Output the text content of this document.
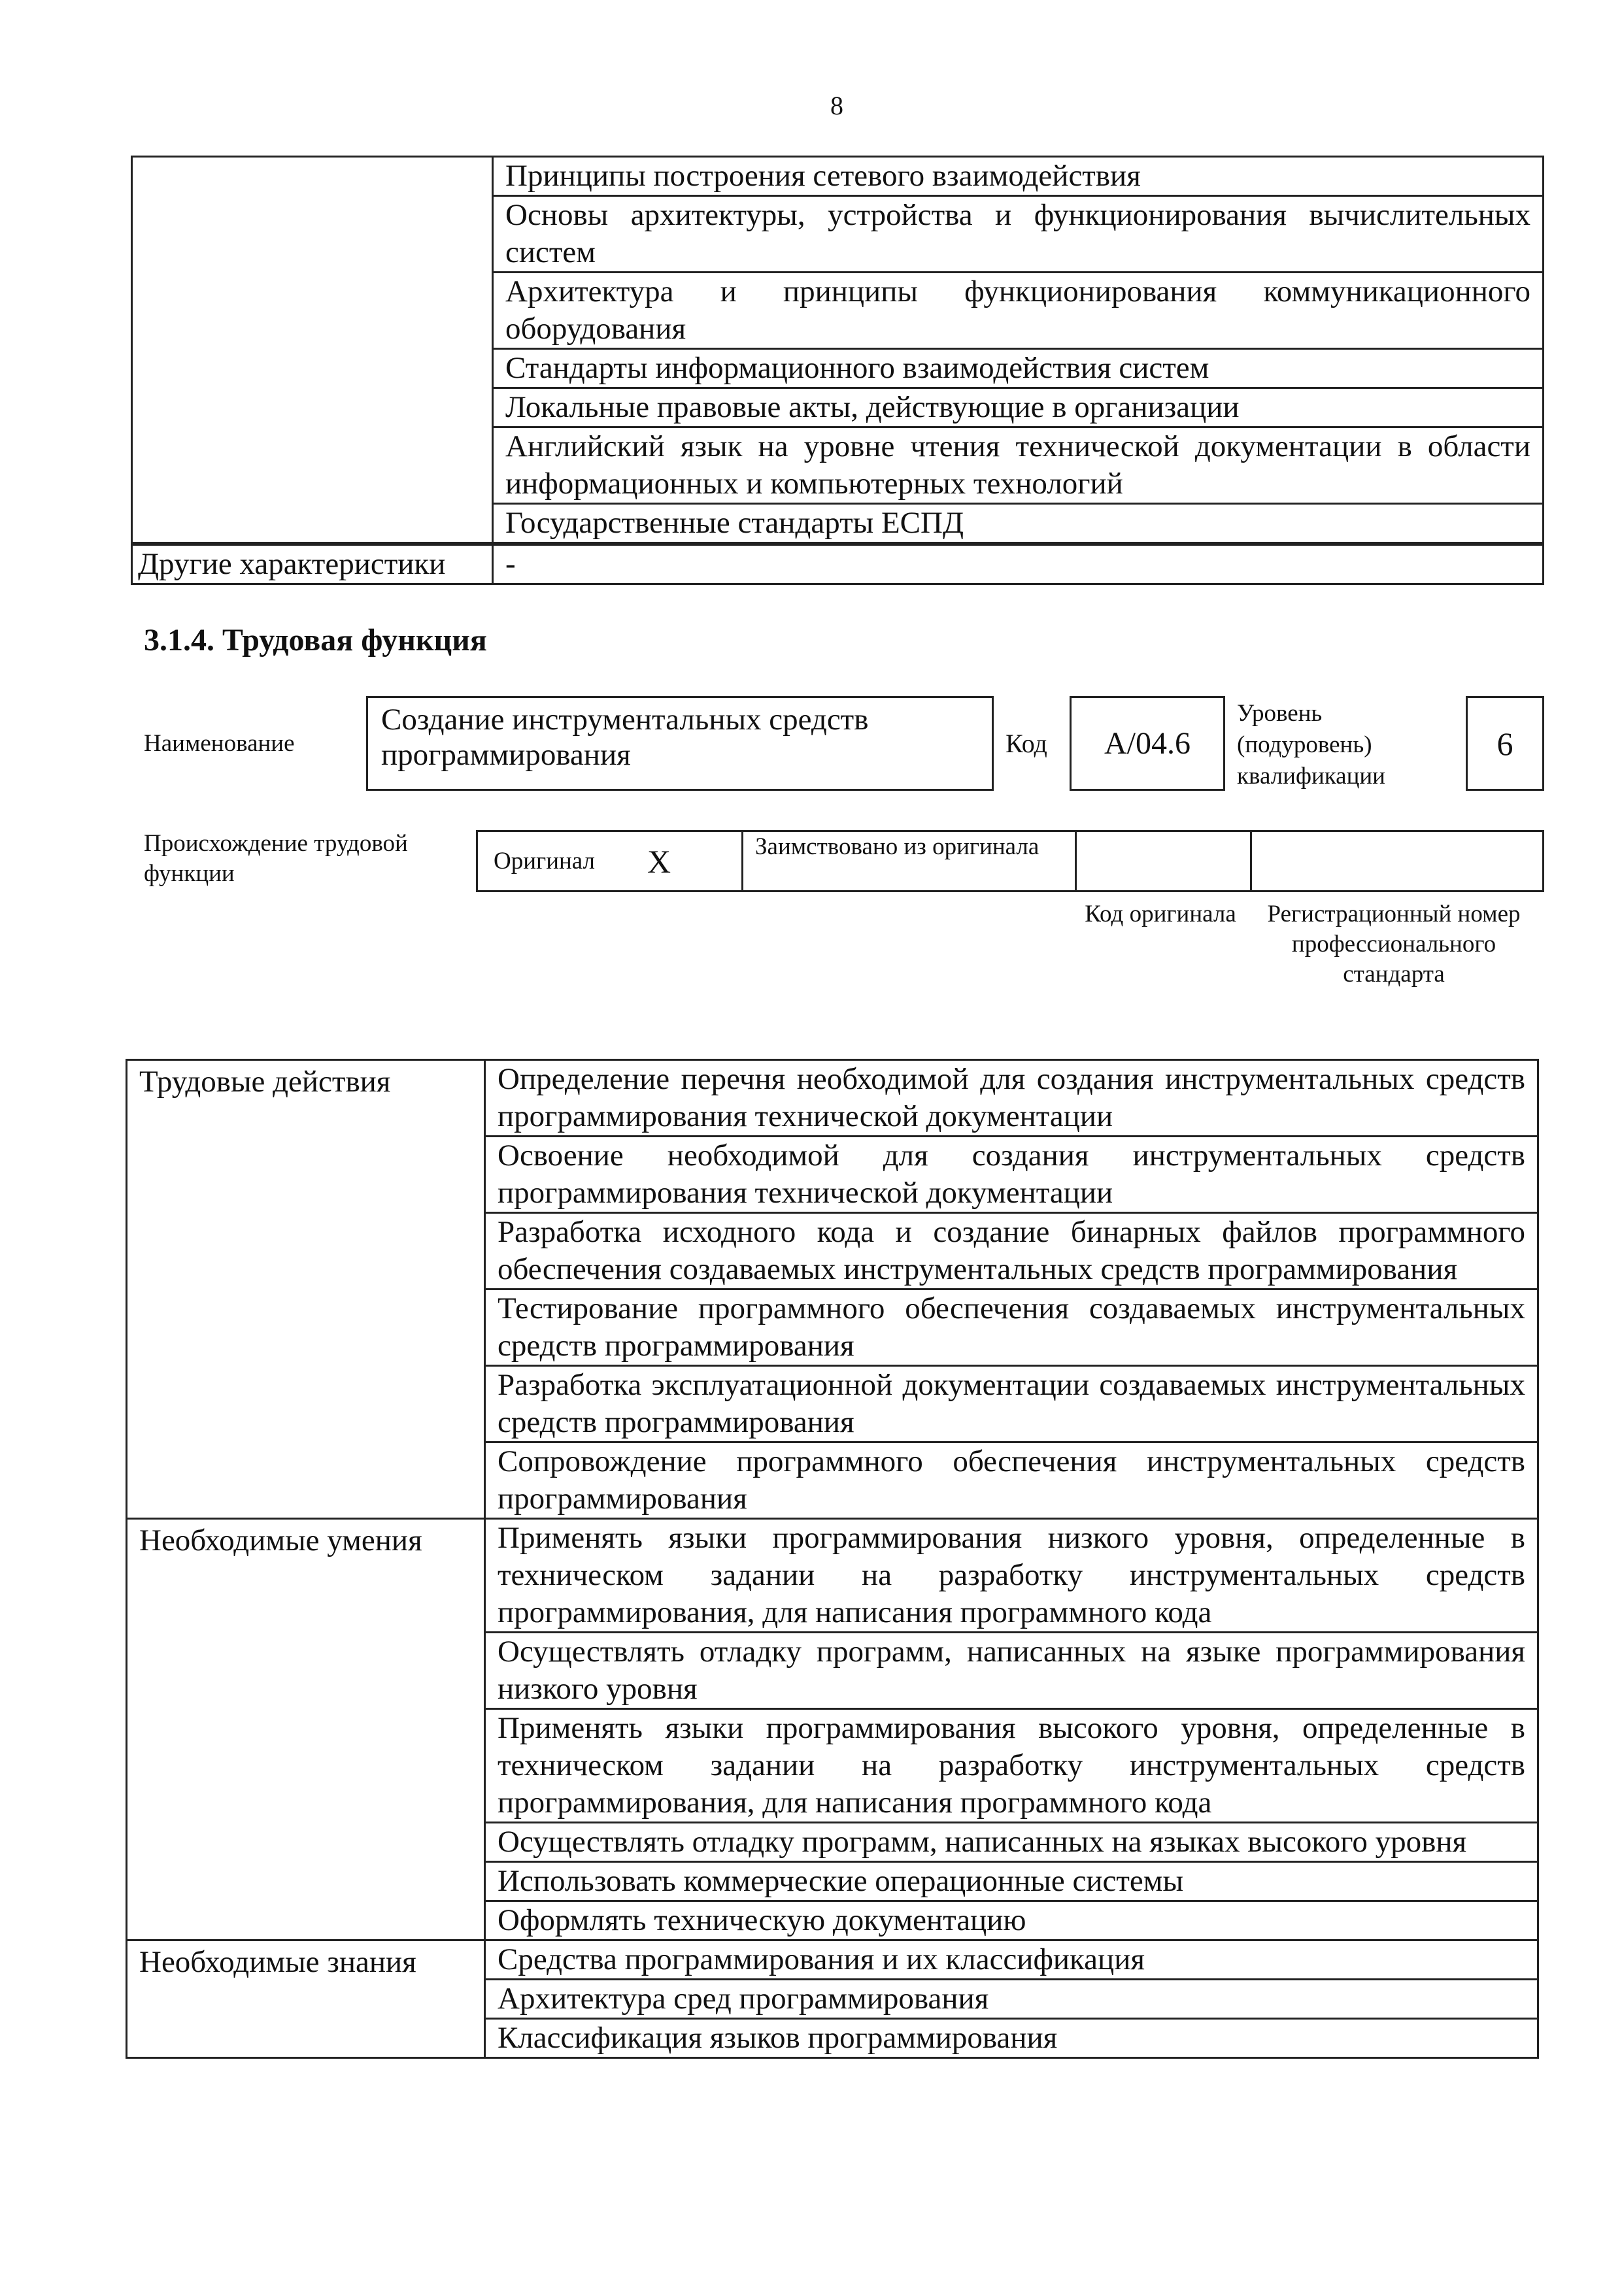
8
	Принципы построения сетевого взаимодействия
Основы архитектуры, устройства и функционирования вычислительных систем
Архитектура и принципы функционирования коммуникационного оборудования
Стандарты информационного взаимодействия систем
Локальные правовые акты, действующие в организации
Английский язык на уровне чтения технической документации в области информационных и компьютерных технологий
Государственные стандарты ЕСПД
Другие характеристики	-
3.1.4. Трудовая функция
Наименование
Создание инструментальных средств программирования	Код	A/04.6
Уровень (подуровень) квалификации
6
Происхождение трудовой функции	Оригинал X	Заимствовано из оригинала
Код оригинала	Регистрационный номер профессионального стандарта
Трудовые действия	Определение перечня необходимой для создания инструментальных средств программирования технической документации
	Освоение необходимой для создания инструментальных средств программирования технической документации
	Разработка исходного кода и создание бинарных файлов программного обеспечения создаваемых инструментальных средств программирования
	Тестирование программного обеспечения создаваемых инструментальных средств программирования
	Разработка эксплуатационной документации создаваемых инструментальных средств программирования
	Сопровождение программного обеспечения инструментальных средств программирования
Необходимые умения	Применять языки программирования низкого уровня, определенные в техническом задании на разработку инструментальных средств программирования, для написания программного кода
	Осуществлять отладку программ, написанных на языке программирования низкого уровня
	Применять языки программирования высокого уровня, определенные в техническом задании на разработку инструментальных средств программирования, для написания программного кода
	Осуществлять отладку программ, написанных на языках высокого уровня
	Использовать коммерческие операционные системы
	Оформлять техническую документацию
Необходимые знания	Средства программирования и их классификация
	Архитектура сред программирования
	Классификация языков программирования
